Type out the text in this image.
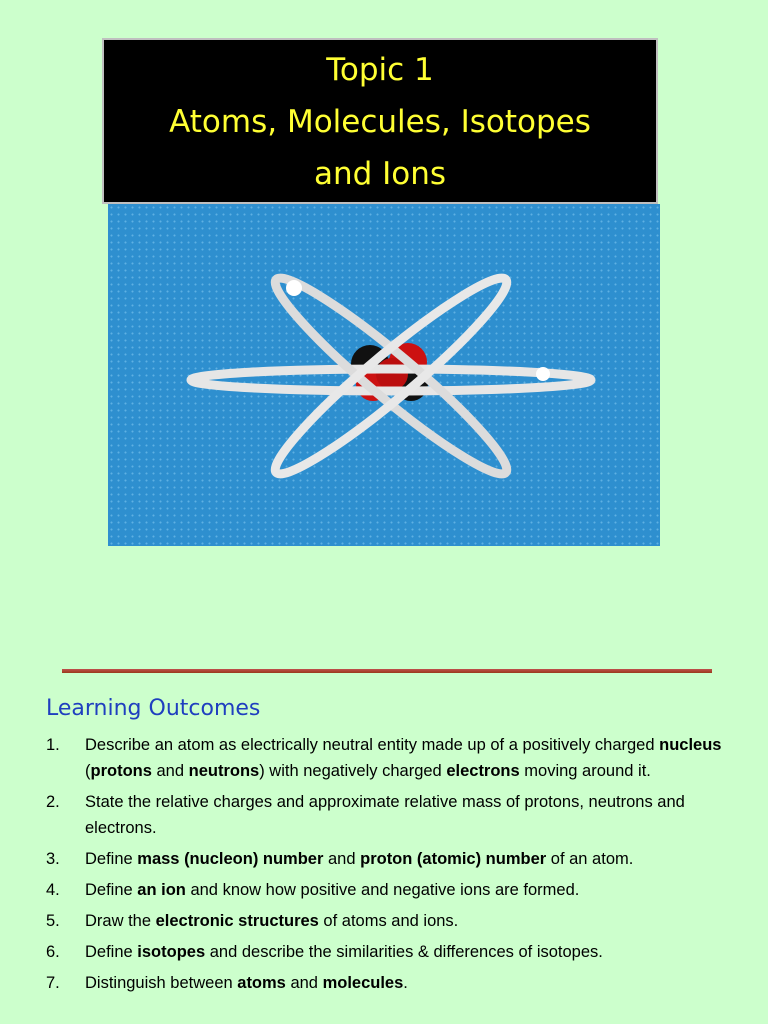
Topic 1
Atoms, Molecules, Isotopes
and Ions
Learning Outcomes
1. Describe an atom as electrically neutral entity made up of a positively charged nucleus (protons and neutrons) with negatively charged electrons moving around it.
2. State the relative charges and approximate relative mass of protons, neutrons and electrons.
3. Define mass (nucleon) number and proton (atomic) number of an atom.
4. Define an ion and know how positive and negative ions are formed.
5. Draw the electronic structures of atoms and ions.
6. Define isotopes and describe the similarities & differences of isotopes.
7. Distinguish between atoms and molecules.
